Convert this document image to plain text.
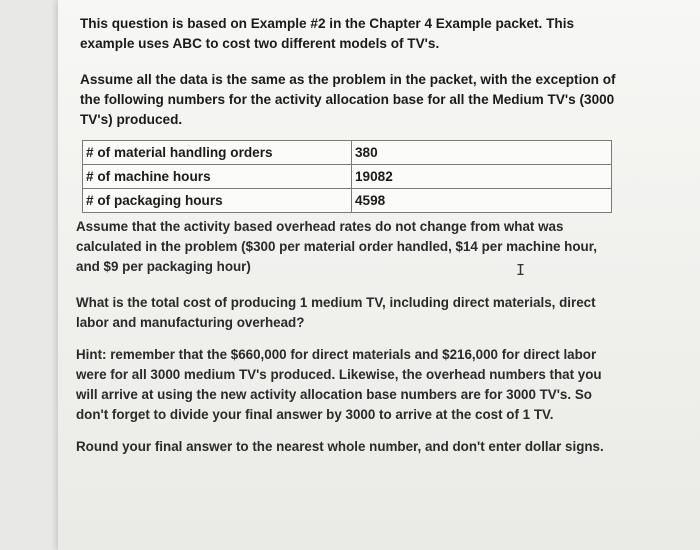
This question is based on Example #2 in the Chapter 4 Example packet. This example uses ABC to cost two different models of TV's.

Assume all the data is the same as the problem in the packet, with the exception of the following numbers for the activity allocation base for all the Medium TV's (3000 TV's) produced.

# of material handling orders	380
# of machine hours	19082
# of packaging hours	4598

Assume that the activity based overhead rates do not change from what was calculated in the problem ($300 per material order handled, $14 per machine hour, and $9 per packaging hour)

What is the total cost of producing 1 medium TV, including direct materials, direct labor and manufacturing overhead?

Hint: remember that the $660,000 for direct materials and $216,000 for direct labor were for all 3000 medium TV's produced. Likewise, the overhead numbers that you will arrive at using the new activity allocation base numbers are for 3000 TV's. So don't forget to divide your final answer by 3000 to arrive at the cost of 1 TV.

Round your final answer to the nearest whole number, and don't enter dollar signs.

I
